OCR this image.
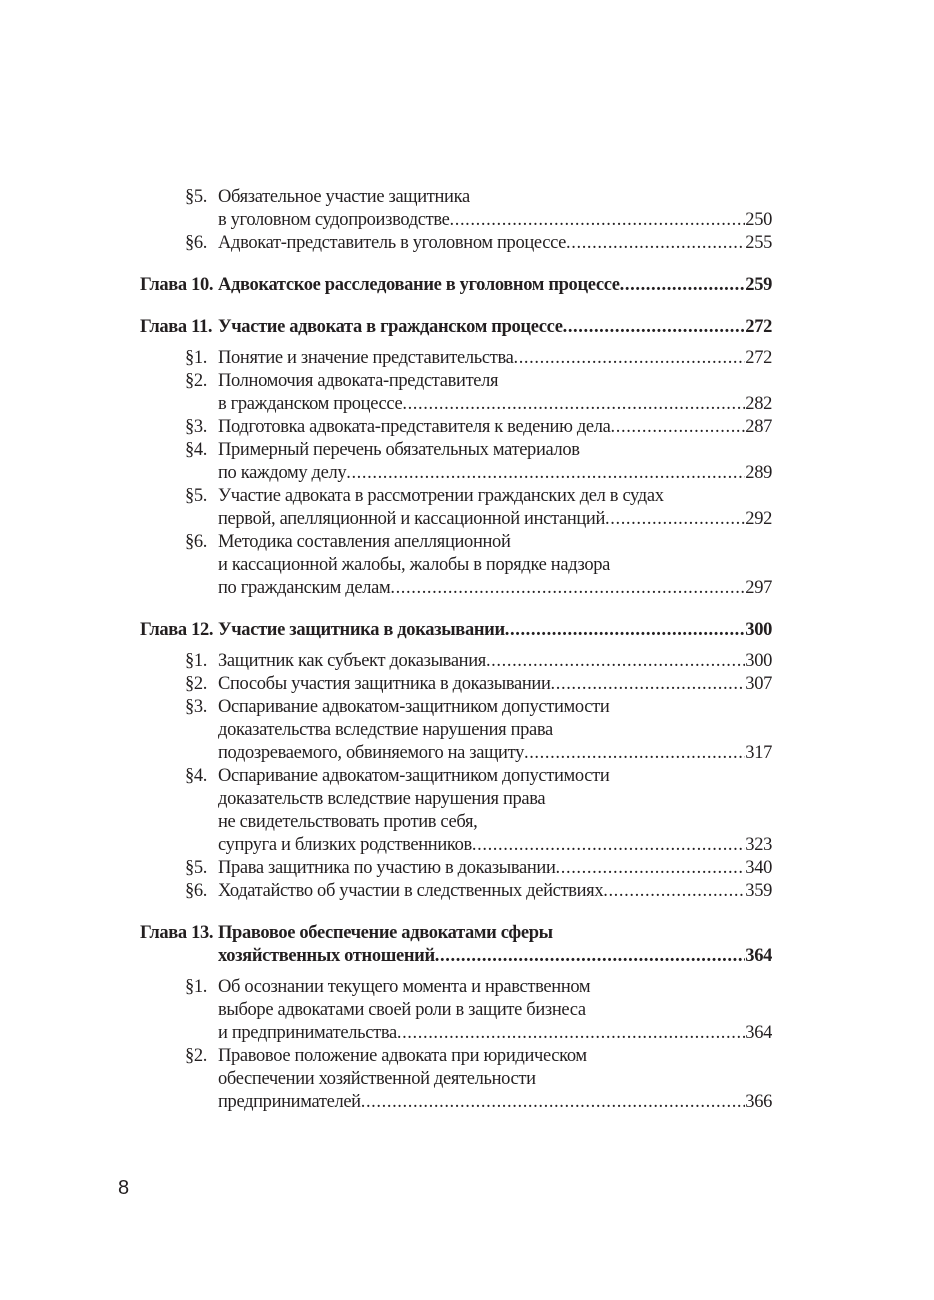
§5. Обязательное участие защитника
в уголовном судопроизводстве .....	250
§6. Адвокат-представитель в уголовном процессе .....	255
Глава 10. Адвокатское расследование в уголовном процессе .....	259
Глава 11. Участие адвоката в гражданском процессе .....	272
§1. Понятие и значение представительства .....	272
§2. Полномочия адвоката-представителя
в гражданском процессе .....	282
§3. Подготовка адвоката-представителя к ведению дела .....	287
§4. Примерный перечень обязательных материалов
по каждому делу .....	289
§5. Участие адвоката в рассмотрении гражданских дел в судах
первой, апелляционной и кассационной инстанций .....	292
§6. Методика составления апелляционной
и кассационной жалобы, жалобы в порядке надзора
по гражданским делам .....	297
Глава 12. Участие защитника в доказывании .....	300
§1. Защитник как субъект доказывания .....	300
§2. Способы участия защитника в доказывании .....	307
§3. Оспаривание адвокатом-защитником допустимости
доказательства вследствие нарушения права
подозреваемого, обвиняемого на защиту .....	317
§4. Оспаривание адвокатом-защитником допустимости
доказательств вследствие нарушения права
не свидетельствовать против себя,
супруга и близких родственников .....	323
§5. Права защитника по участию в доказывании .....	340
§6. Ходатайство об участии в следственных действиях .....	359
Глава 13. Правовое обеспечение адвокатами сферы
хозяйственных отношений .....	364
§1. Об осознании текущего момента и нравственном
выборе адвокатами своей роли в защите бизнеса
и предпринимательства .....	364
§2. Правовое положение адвоката при юридическом
обеспечении хозяйственной деятельности
предпринимателей .....	366
8
